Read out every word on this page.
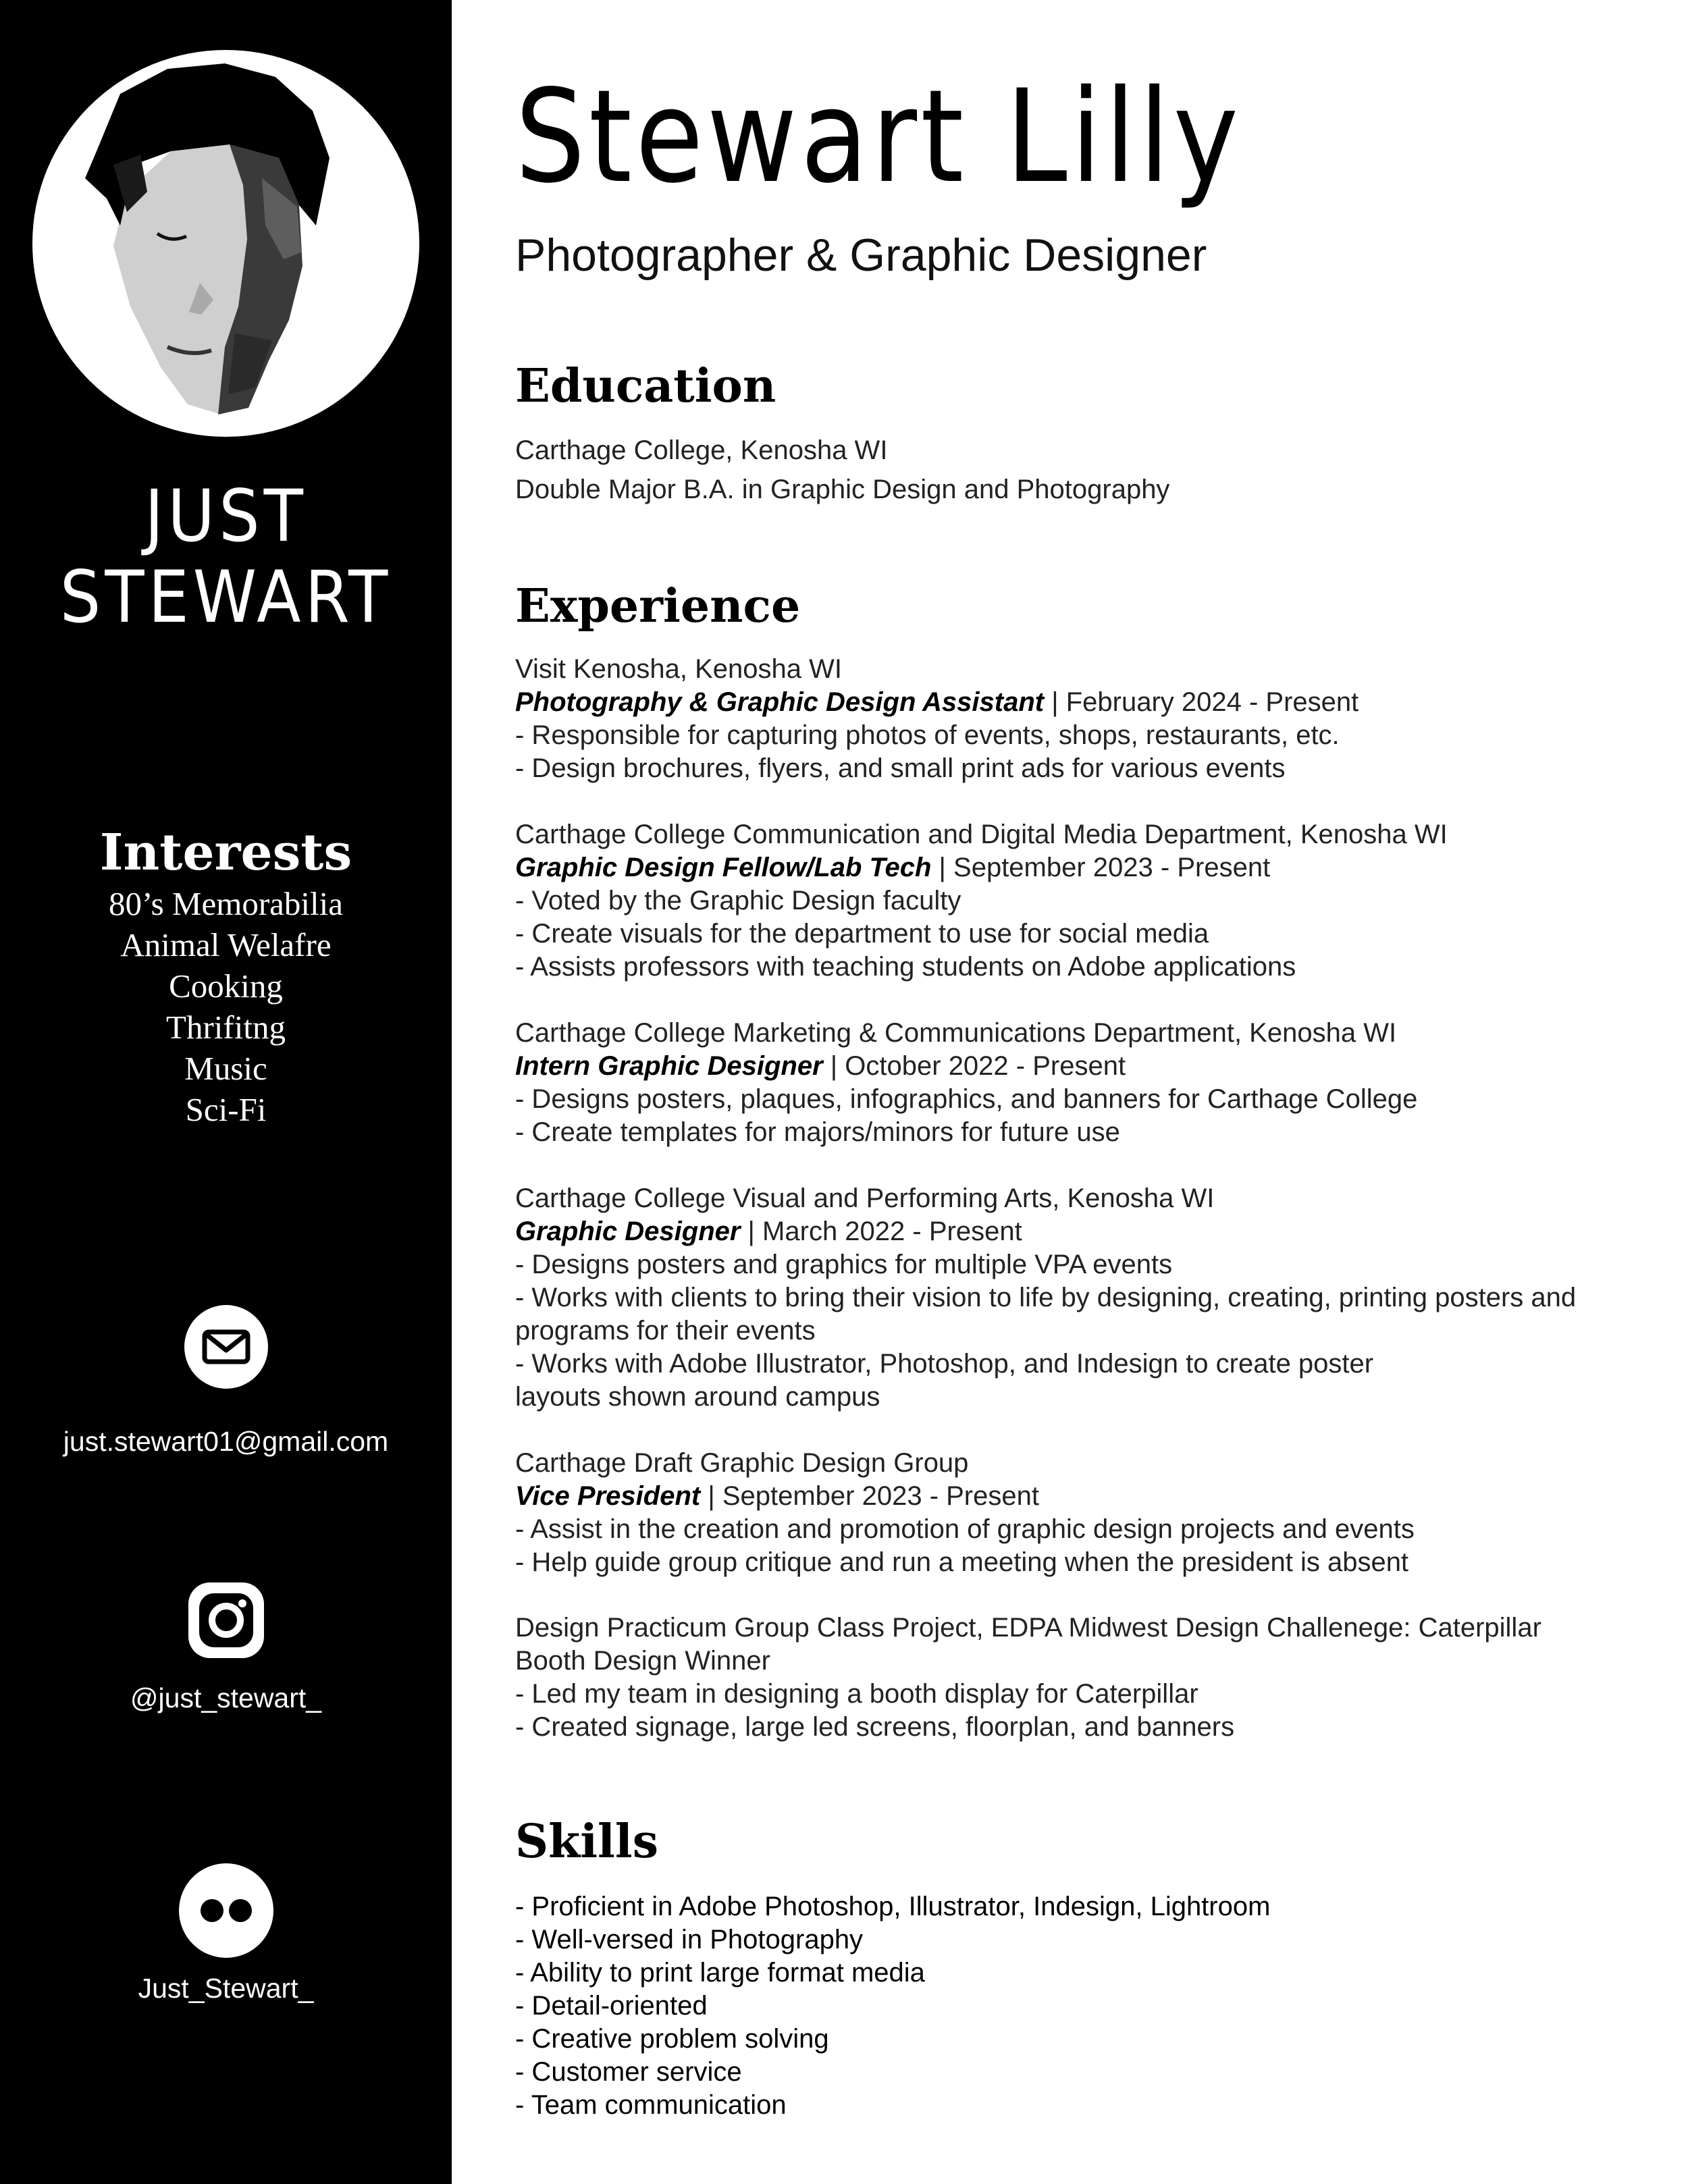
JUST
STEWART
Interests
80’s Memorabilia
Animal Welafre
Cooking
Thrifitng
Music
Sci-Fi
just.stewart01@gmail.com
@just_stewart_
Just_Stewart_
Stewart Lilly
Photographer & Graphic Designer
Education
Carthage College, Kenosha WI
Double Major B.A. in Graphic Design and Photography
Experience
Visit Kenosha, Kenosha WI
Photography & Graphic Design Assistant | February 2024 - Present
- Responsible for capturing photos of events, shops, restaurants, etc.
- Design brochures, flyers, and small print ads for various events
Carthage College Communication and Digital Media Department, Kenosha WI
Graphic Design Fellow/Lab Tech | September 2023 - Present
- Voted by the Graphic Design faculty
- Create visuals for the department to use for social media
- Assists professors with teaching students on Adobe applications
Carthage College Marketing & Communications Department, Kenosha WI
Intern Graphic Designer | October 2022 - Present
- Designs posters, plaques, infographics, and banners for Carthage College
- Create templates for majors/minors for future use
Carthage College Visual and Performing Arts, Kenosha WI
Graphic Designer | March 2022 - Present
- Designs posters and graphics for multiple VPA events
- Works with clients to bring their vision to life by designing, creating, printing posters and programs for their events
- Works with Adobe Illustrator, Photoshop, and Indesign to create poster
layouts shown around campus
Carthage Draft Graphic Design Group
Vice President | September 2023 - Present
- Assist in the creation and promotion of graphic design projects and events
- Help guide group critique and run a meeting when the president is absent
Design Practicum Group Class Project, EDPA Midwest Design Challenege: Caterpillar
Booth Design Winner
- Led my team in designing a booth display for Caterpillar
- Created signage, large led screens, floorplan, and banners
Skills
- Proficient in Adobe Photoshop, Illustrator, Indesign, Lightroom
- Well-versed in Photography
- Ability to print large format media
- Detail-oriented
- Creative problem solving
- Customer service
- Team communication
